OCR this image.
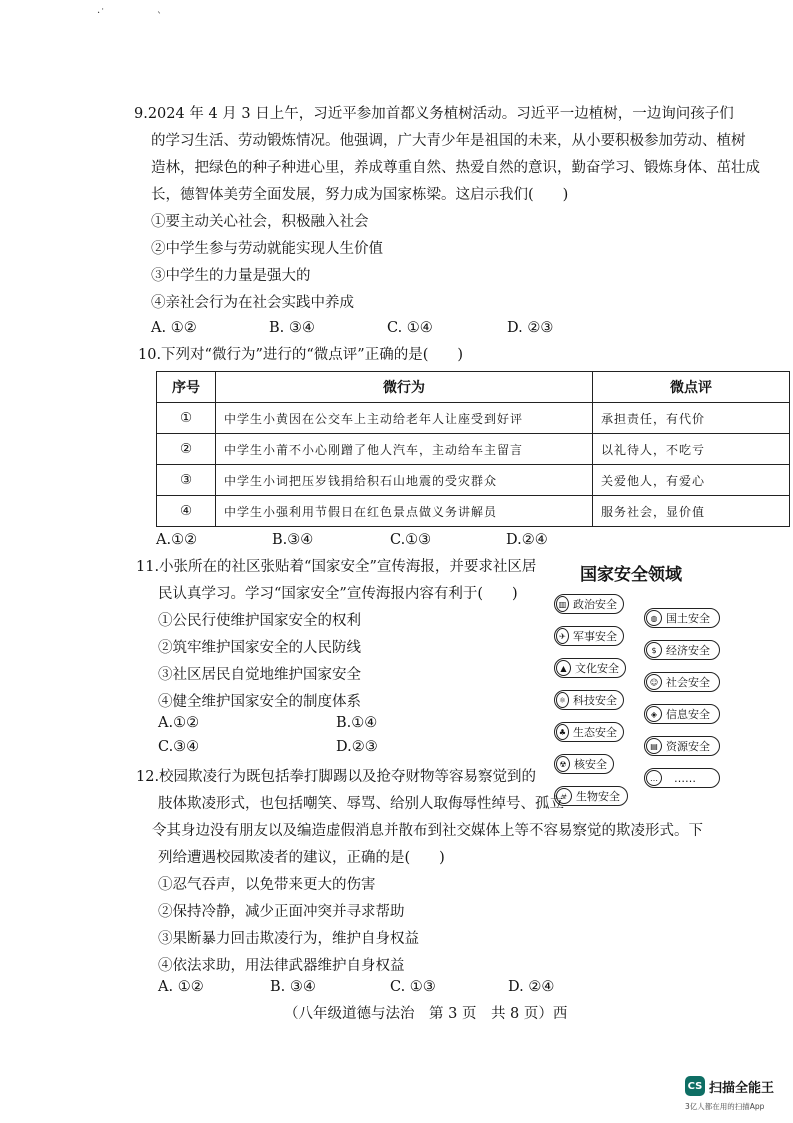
·˙	ˋ
9.2024 年 4 月 3 日上午，习近平参加首都义务植树活动。习近平一边植树，一边询问孩子们
的学习生活、劳动锻炼情况。他强调，广大青少年是祖国的未来，从小要积极参加劳动、植树
造林，把绿色的种子种进心里，养成尊重自然、热爱自然的意识，勤奋学习、锻炼身体、茁壮成
长，德智体美劳全面发展，努力成为国家栋梁。这启示我们(　　)
①要主动关心社会，积极融入社会
②中学生参与劳动就能实现人生价值
③中学生的力量是强大的
④亲社会行为在社会实践中养成
A. ①②	B. ③④	C. ①④	D. ②③
10.下列对“微行为”进行的“微点评”正确的是(　　)
序号	微行为	微点评
①	中学生小黄因在公交车上主动给老年人让座受到好评	承担责任，有代价
②	中学生小莆不小心刚蹭了他人汽车，主动给车主留言	以礼待人，不吃亏
③	中学生小词把压岁钱捐给积石山地震的受灾群众	关爱他人，有爱心
④	中学生小强利用节假日在红色景点做义务讲解员	服务社会，显价值
A.①②	B.③④	C.①③	D.②④
11.小张所在的社区张贴着“国家安全”宣传海报，并要求社区居
民认真学习。学习“国家安全”宣传海报内容有利于(　　)
①公民行使维护国家安全的权利
②筑牢维护国家安全的人民防线
③社区居民自觉地维护国家安全
④健全维护国家安全的制度体系
A.①②	B.①④
C.③④	D.②③
国家安全领域
▥ 政治安全
✈ 军事安全
▲ 文化安全
⚛ 科技安全
♣ 生态安全
☢ 核安全
☣ 生物安全
◍ 国土安全
$ 经济安全
☺ 社会安全
◈ 信息安全
▤ 资源安全
…	……
12.校园欺凌行为既包括拳打脚踢以及抢夺财物等容易察觉到的
肢体欺凌形式，也包括嘲笑、辱骂、给别人取侮辱性绰号、孤立
令其身边没有朋友以及编造虚假消息并散布到社交媒体上等不容易察觉的欺凌形式。下
列给遭遇校园欺凌者的建议，正确的是(　　)
①忍气吞声，以免带来更大的伤害
②保持冷静，减少正面冲突并寻求帮助
③果断暴力回击欺凌行为，维护自身权益
④依法求助，用法律武器维护自身权益
A. ①②	B. ③④	C. ①③	D. ②④
（八年级道德与法治　第 3 页　共 8 页）西
CS 扫描全能王
3亿人都在用的扫描App
